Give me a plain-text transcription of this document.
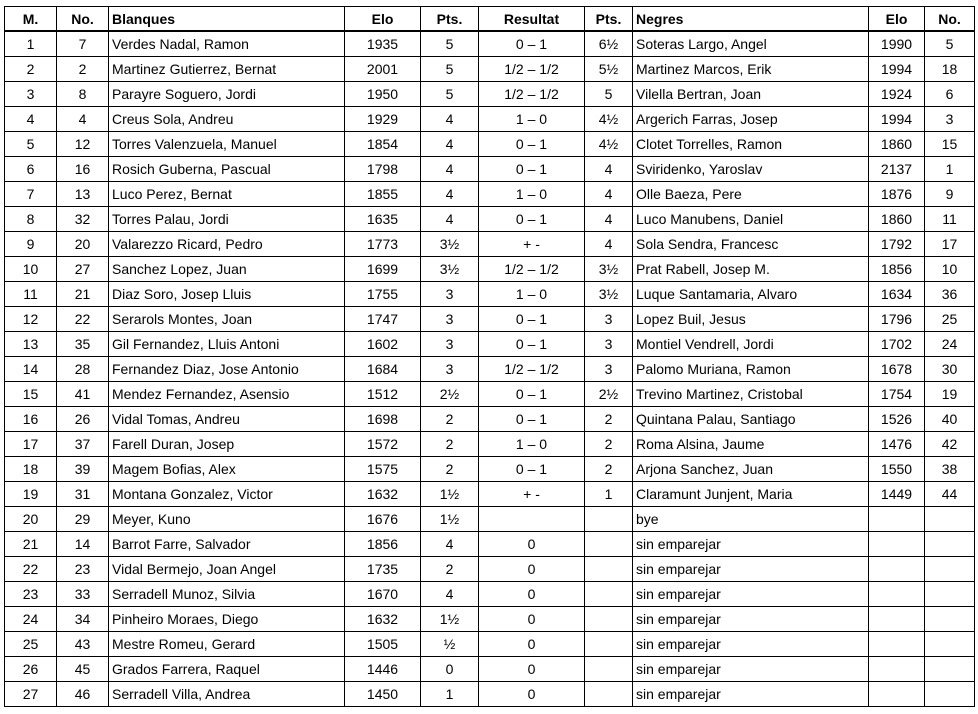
M.	No.	Blanques	Elo	Pts.	Resultat	Pts.	Negres	Elo	No.
1	7	Verdes Nadal, Ramon	1935	5	0 – 1	6½	Soteras Largo, Angel	1990	5
2	2	Martinez Gutierrez, Bernat	2001	5	1/2 – 1/2	5½	Martinez Marcos, Erik	1994	18
3	8	Parayre Soguero, Jordi	1950	5	1/2 – 1/2	5	Vilella Bertran, Joan	1924	6
4	4	Creus Sola, Andreu	1929	4	1 – 0	4½	Argerich Farras, Josep	1994	3
5	12	Torres Valenzuela, Manuel	1854	4	0 – 1	4½	Clotet Torrelles, Ramon	1860	15
6	16	Rosich Guberna, Pascual	1798	4	0 – 1	4	Sviridenko, Yaroslav	2137	1
7	13	Luco Perez, Bernat	1855	4	1 – 0	4	Olle Baeza, Pere	1876	9
8	32	Torres Palau, Jordi	1635	4	0 – 1	4	Luco Manubens, Daniel	1860	11
9	20	Valarezzo Ricard, Pedro	1773	3½	+ -	4	Sola Sendra, Francesc	1792	17
10	27	Sanchez Lopez, Juan	1699	3½	1/2 – 1/2	3½	Prat Rabell, Josep M.	1856	10
11	21	Diaz Soro, Josep Lluis	1755	3	1 – 0	3½	Luque Santamaria, Alvaro	1634	36
12	22	Serarols Montes, Joan	1747	3	0 – 1	3	Lopez Buil, Jesus	1796	25
13	35	Gil Fernandez, Lluis Antoni	1602	3	0 – 1	3	Montiel Vendrell, Jordi	1702	24
14	28	Fernandez Diaz, Jose Antonio	1684	3	1/2 – 1/2	3	Palomo Muriana, Ramon	1678	30
15	41	Mendez Fernandez, Asensio	1512	2½	0 – 1	2½	Trevino Martinez, Cristobal	1754	19
16	26	Vidal Tomas, Andreu	1698	2	0 – 1	2	Quintana Palau, Santiago	1526	40
17	37	Farell Duran, Josep	1572	2	1 – 0	2	Roma Alsina, Jaume	1476	42
18	39	Magem Bofias, Alex	1575	2	0 – 1	2	Arjona Sanchez, Juan	1550	38
19	31	Montana Gonzalez, Victor	1632	1½	+ -	1	Claramunt Junjent, Maria	1449	44
20	29	Meyer, Kuno	1676	1½			bye		
21	14	Barrot Farre, Salvador	1856	4	0		sin emparejar		
22	23	Vidal Bermejo, Joan Angel	1735	2	0		sin emparejar		
23	33	Serradell Munoz, Silvia	1670	4	0		sin emparejar		
24	34	Pinheiro Moraes, Diego	1632	1½	0		sin emparejar		
25	43	Mestre Romeu, Gerard	1505	½	0		sin emparejar		
26	45	Grados Farrera, Raquel	1446	0	0		sin emparejar		
27	46	Serradell Villa, Andrea	1450	1	0		sin emparejar		
